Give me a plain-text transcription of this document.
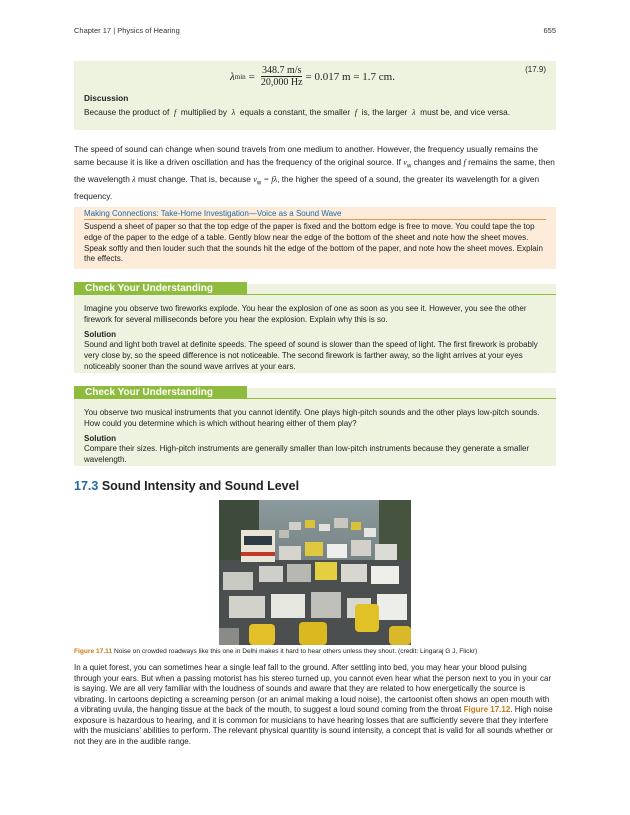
Chapter 17 | Physics of Hearing	655
λ $\min = \frac{348.7 m/s}{20,000 Hz} = 0.017$ m = 1.7 cm.
(17.9)
Discussion
Because the product of f multiplied by λ equals a constant, the smaller f is, the larger λ must be, and vice versa.

The speed of sound can change when sound travels from one medium to another. However, the frequency usually remains the same because it is like a driven oscillation and has the frequency of the original source. If $v_w$ changes and f remains the same, then the wavelength λ must change. That is, because $v_w = f\lambda$, the higher the speed of a sound, the greater its wavelength for a given frequency.

Making Connections: Take-Home Investigation—Voice as a Sound Wave
Suspend a sheet of paper so that the top edge of the paper is fixed and the bottom edge is free to move. You could tape the top edge of the paper to the edge of a table. Gently blow near the edge of the bottom of the sheet and note how the sheet moves. Speak softly and then louder such that the sounds hit the edge of the bottom of the paper, and note how the sheet moves. Explain the effects.
Check Your Understanding
Imagine you observe two fireworks explode. You hear the explosion of one as soon as you see it. However, you see the other firework for several milliseconds before you hear the explosion. Explain why this is so.
Solution
Sound and light both travel at definite speeds. The speed of sound is slower than the speed of light. The first firework is probably very close by, so the speed difference is not noticeable. The second firework is farther away, so the light arrives at your eyes noticeably sooner than the sound wave arrives at your ears.
Check Your Understanding
You observe two musical instruments that you cannot identify. One plays high-pitch sounds and the other plays low-pitch sounds. How could you determine which is which without hearing either of them play?
Solution
Compare their sizes. High-pitch instruments are generally smaller than low-pitch instruments because they generate a smaller wavelength.
17.3 Sound Intensity and Sound Level
Figure 17.11 Noise on crowded roadways like this one in Delhi makes it hard to hear others unless they shout. (credit: Lingaraj G J, Flickr)

In a quiet forest, you can sometimes hear a single leaf fall to the ground. After settling into bed, you may hear your blood pulsing through your ears. But when a passing motorist has his stereo turned up, you cannot even hear what the person next to you in your car is saying. We are all very familiar with the loudness of sounds and aware that they are related to how energetically the source is vibrating. In cartoons depicting a screaming person (or an animal making a loud noise), the cartoonist often shows an open mouth with a vibrating uvula, the hanging tissue at the back of the mouth, to suggest a loud sound coming from the throat Figure 17.12. High noise exposure is hazardous to hearing, and it is common for musicians to have hearing losses that are sufficiently severe that they interfere with the musicians' abilities to perform. The relevant physical quantity is sound intensity, a concept that is valid for all sounds whether or not they are in the audible range.
